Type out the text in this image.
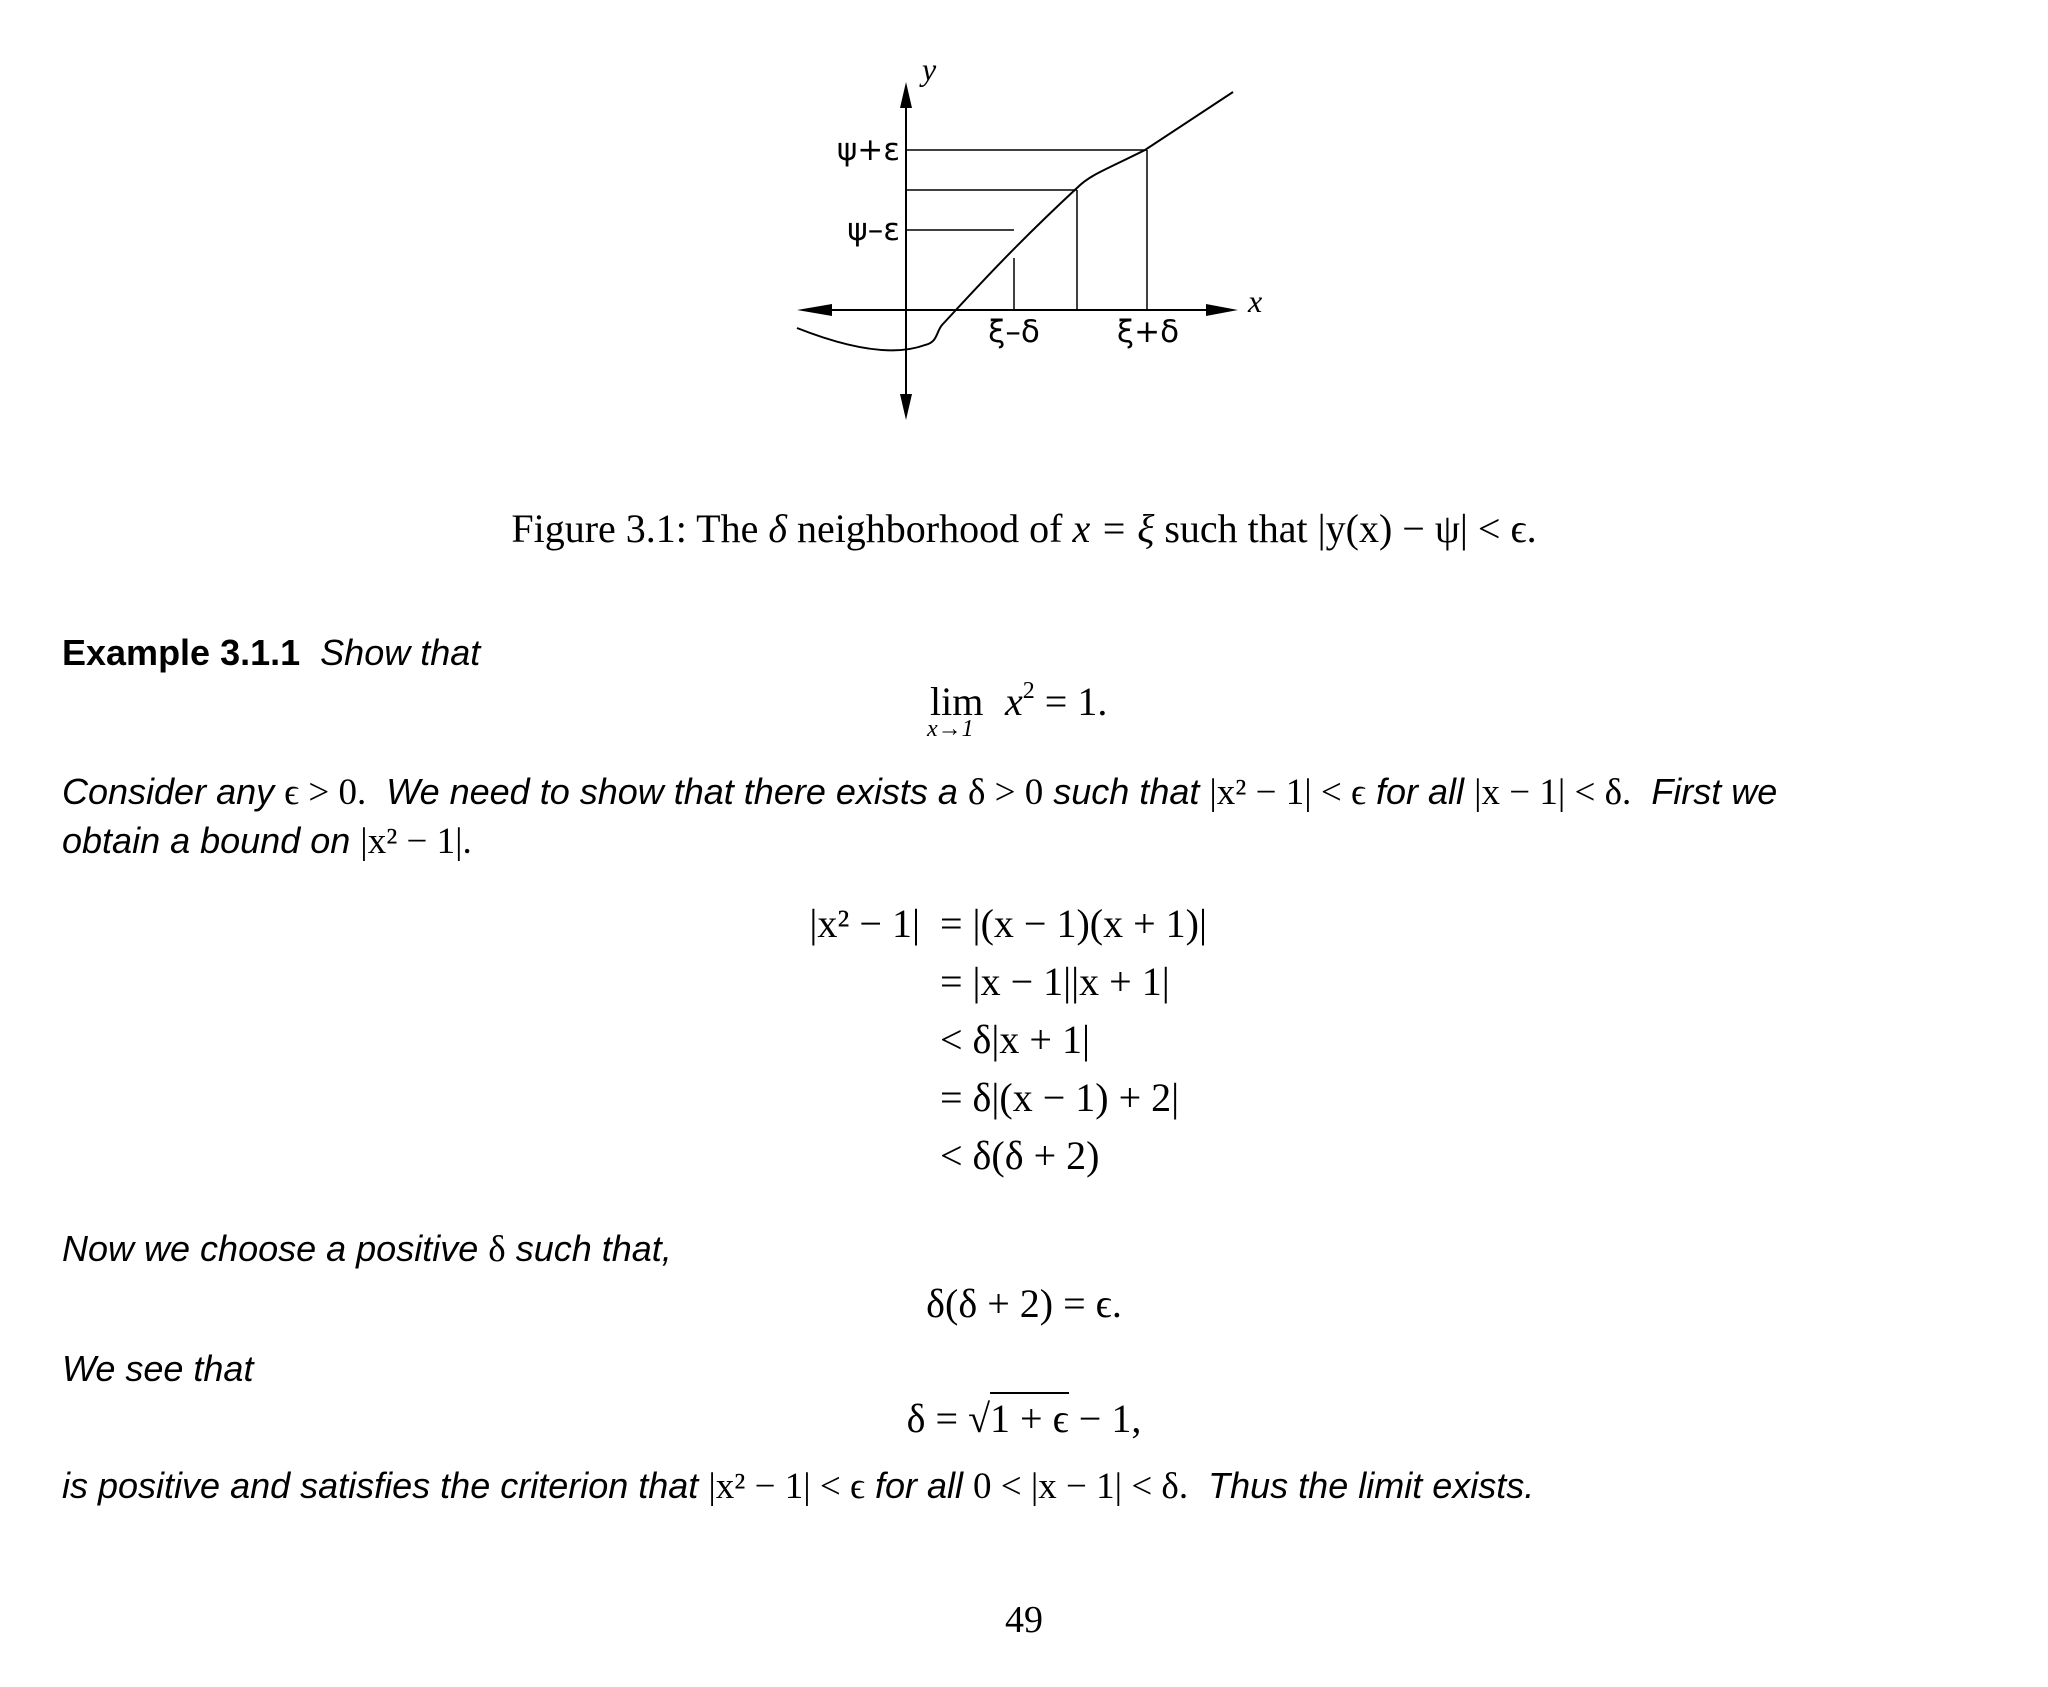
y
x
ψ+ε
ψ–ε
ξ–δ ξ+δ
Figure 3.1: The δ neighborhood of x = ξ such that |y(x) − ψ| < ϵ.
Example 3.1.1 Show that
lim
x→1
$x^2 = 1$.
Consider any ϵ > 0. We need to show that there exists a δ > 0 such that |x² − 1| < ϵ for all |x − 1| < δ. First we
obtain a bound on |x² − 1|.
|x² − 1| = |(x − 1)(x + 1)|
= |x − 1||x + 1|
< δ|x + 1|
= δ|(x − 1) + 2|
< δ(δ + 2)
Now we choose a positive δ such that,
δ(δ + 2) = ϵ.
We see that
δ = √1 + ϵ − 1,
is positive and satisfies the criterion that |x² − 1| < ϵ for all 0 < |x − 1| < δ. Thus the limit exists.
49
